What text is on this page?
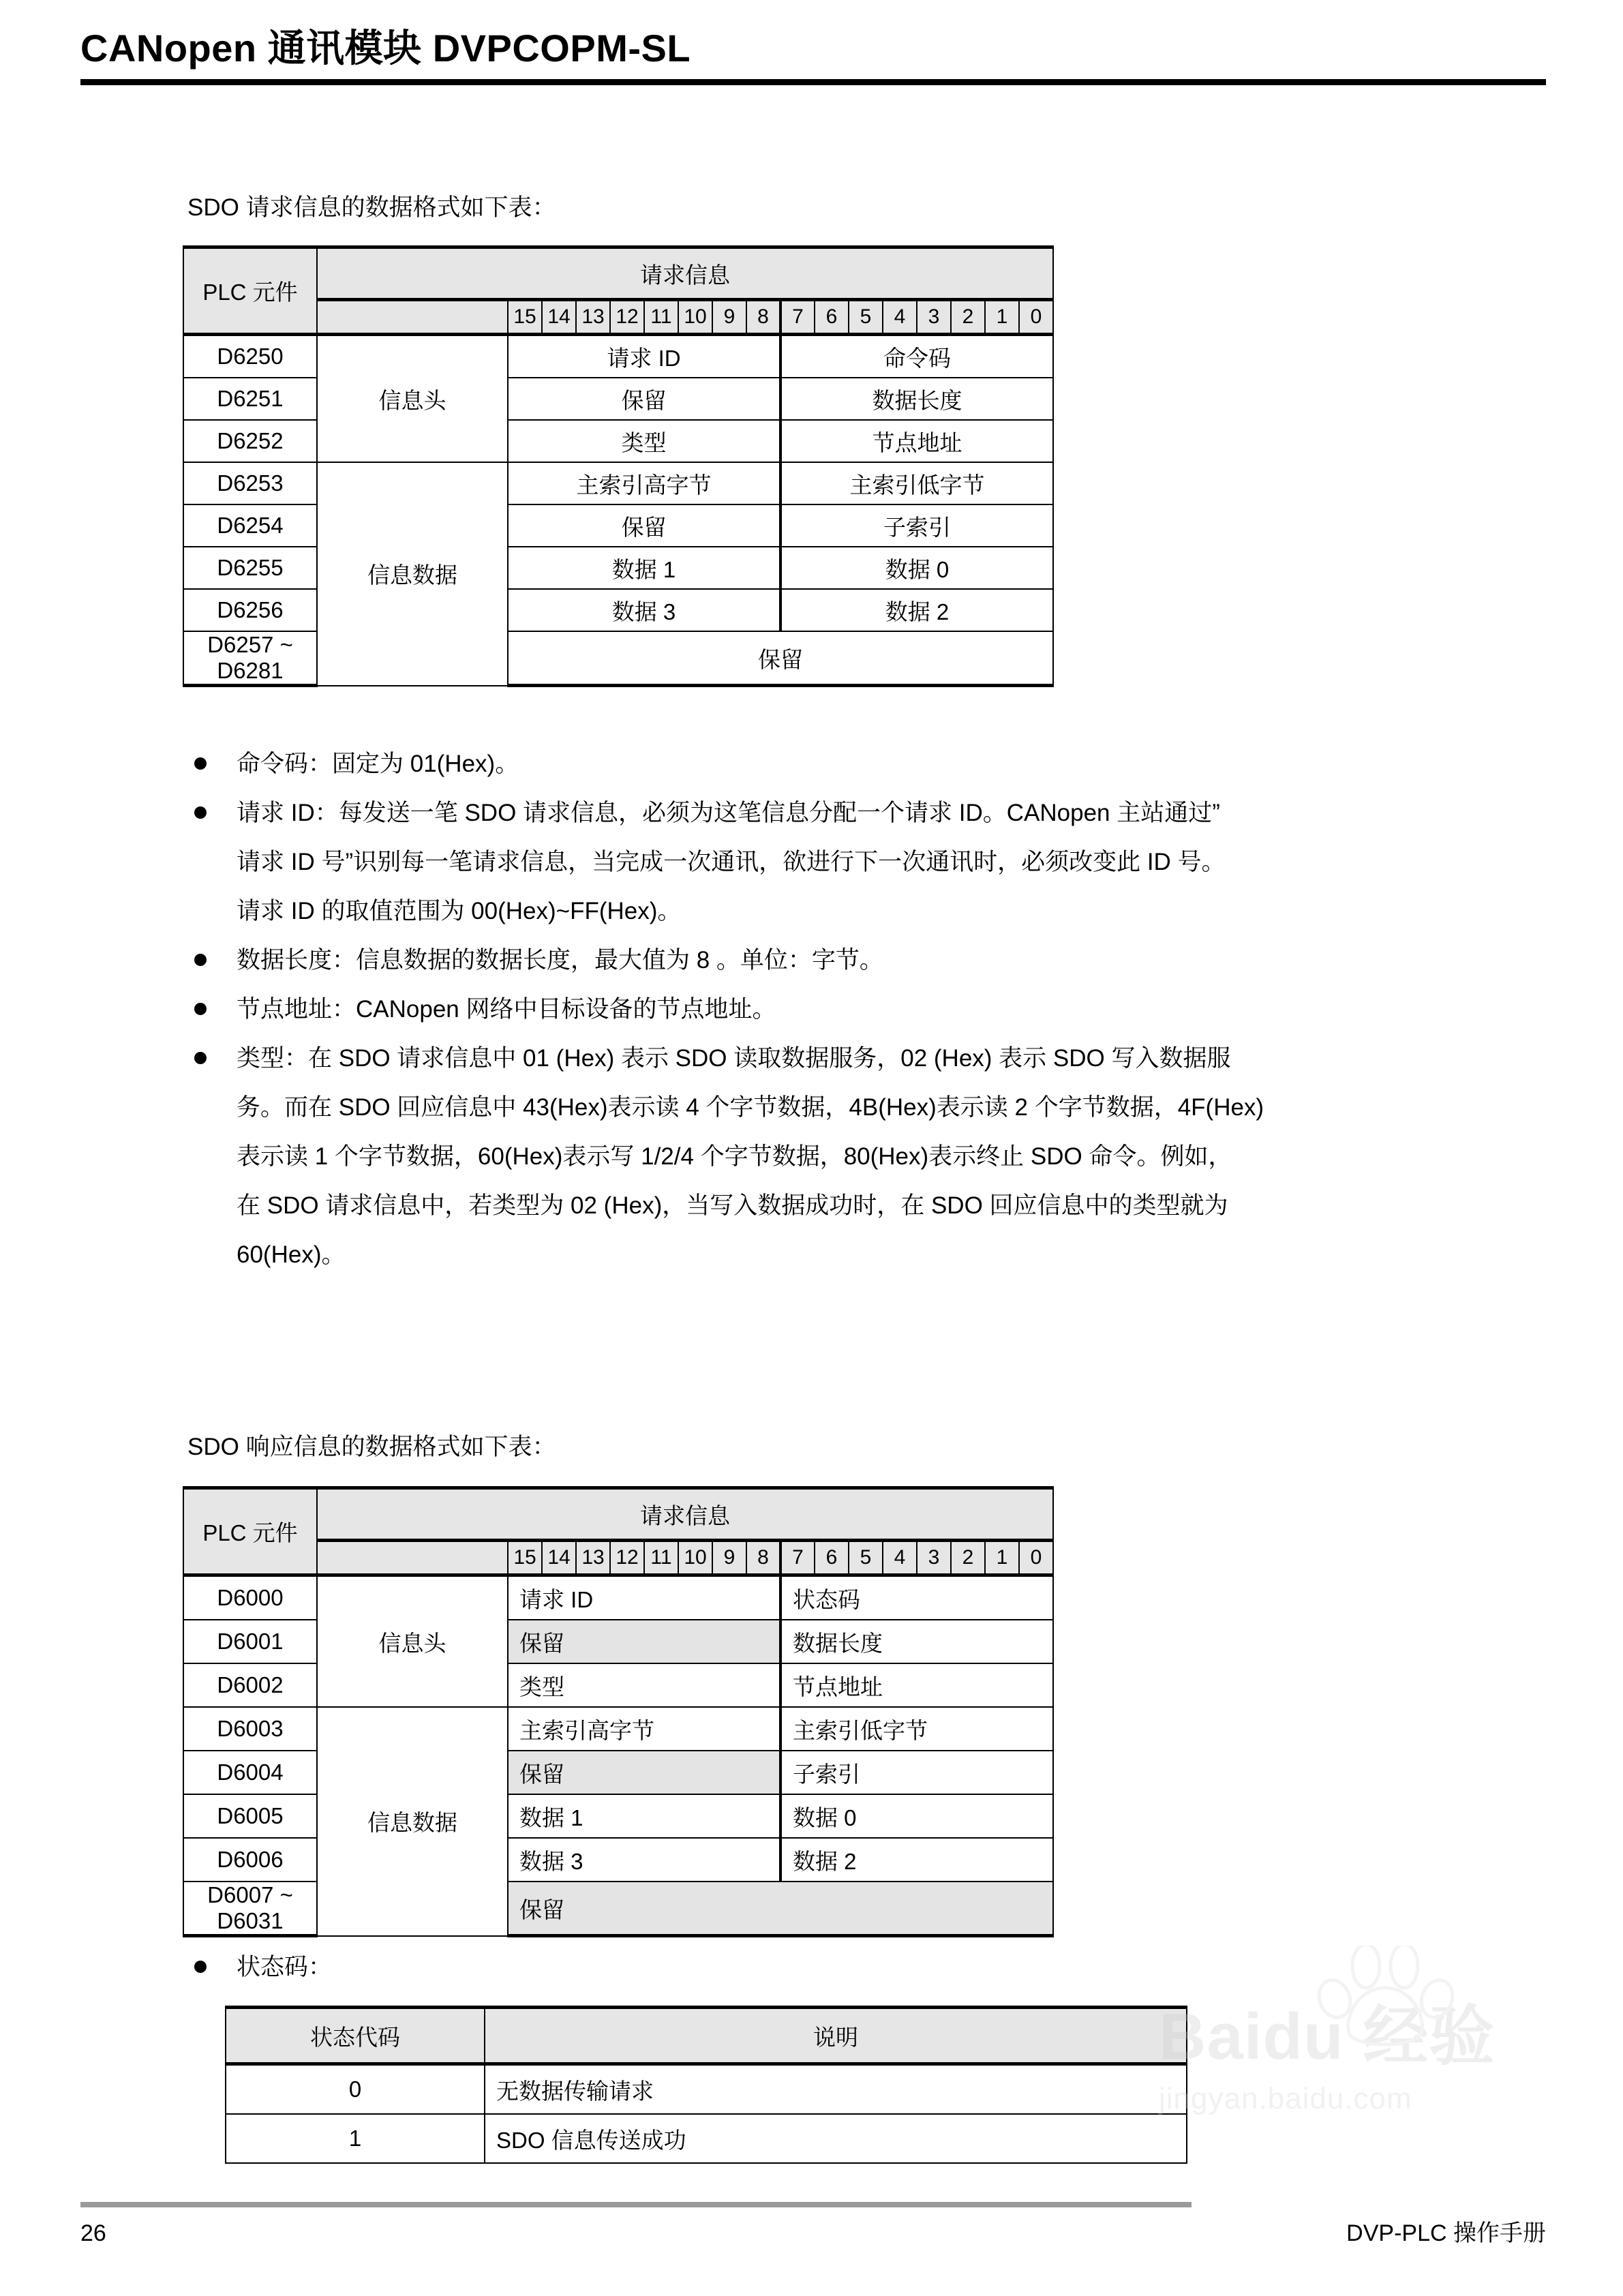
CANopen 通讯模块 DVPCOPM-SL
SDO 请求信息的数据格式如下表：
PLC 元件	请求信息																
		15	14	13	12	11	10	9	8	7	6	5	4	3	2	1	0
D6250	信息头	请求 ID								命令码							
D6251		保留								数据长度							
D6252		类型								节点地址							
D6253	信息数据	主索引高字节								主索引低字节							
D6254		保留								子索引							
D6255		数据 1								数据 0							
D6256		数据 3								数据 2							
D6257 ~ D6281		保留															
命令码：固定为 01(Hex)。
请求 ID：每发送一笔 SDO 请求信息，必须为这笔信息分配一个请求 ID。CANopen 主站通过”
请求 ID 号”识别每一笔请求信息，当完成一次通讯，欲进行下一次通讯时，必须改变此 ID 号。
请求 ID 的取值范围为 00(Hex)~FF(Hex)。
数据长度：信息数据的数据长度，最大值为 8 。单位：字节。
节点地址：CANopen 网络中目标设备的节点地址。
类型：在 SDO 请求信息中 01 (Hex) 表示 SDO 读取数据服务，02 (Hex) 表示 SDO 写入数据服
务。而在 SDO 回应信息中 43(Hex)表示读 4 个字节数据，4B(Hex)表示读 2 个字节数据，4F(Hex)
表示读 1 个字节数据，60(Hex)表示写 1/2/4 个字节数据，80(Hex)表示终止 SDO 命令。例如，
在 SDO 请求信息中，若类型为 02 (Hex)，当写入数据成功时，在 SDO 回应信息中的类型就为
60(Hex)。
SDO 响应信息的数据格式如下表：
PLC 元件	请求信息																
		15	14	13	12	11	10	9	8	7	6	5	4	3	2	1	0
D6000	信息头	请求 ID								状态码							
D6001		保留								数据长度							
D6002		类型								节点地址							
D6003	信息数据	主索引高字节								主索引低字节							
D6004		保留								子索引							
D6005		数据 1								数据 0							
D6006		数据 3								数据 2							
D6007 ~ D6031		保留															
状态码：
状态代码	说明
0	无数据传输请求
1	SDO 信息传送成功
Baidu 经验
jingyan.baidu.com
26	DVP-PLC 操作手册
